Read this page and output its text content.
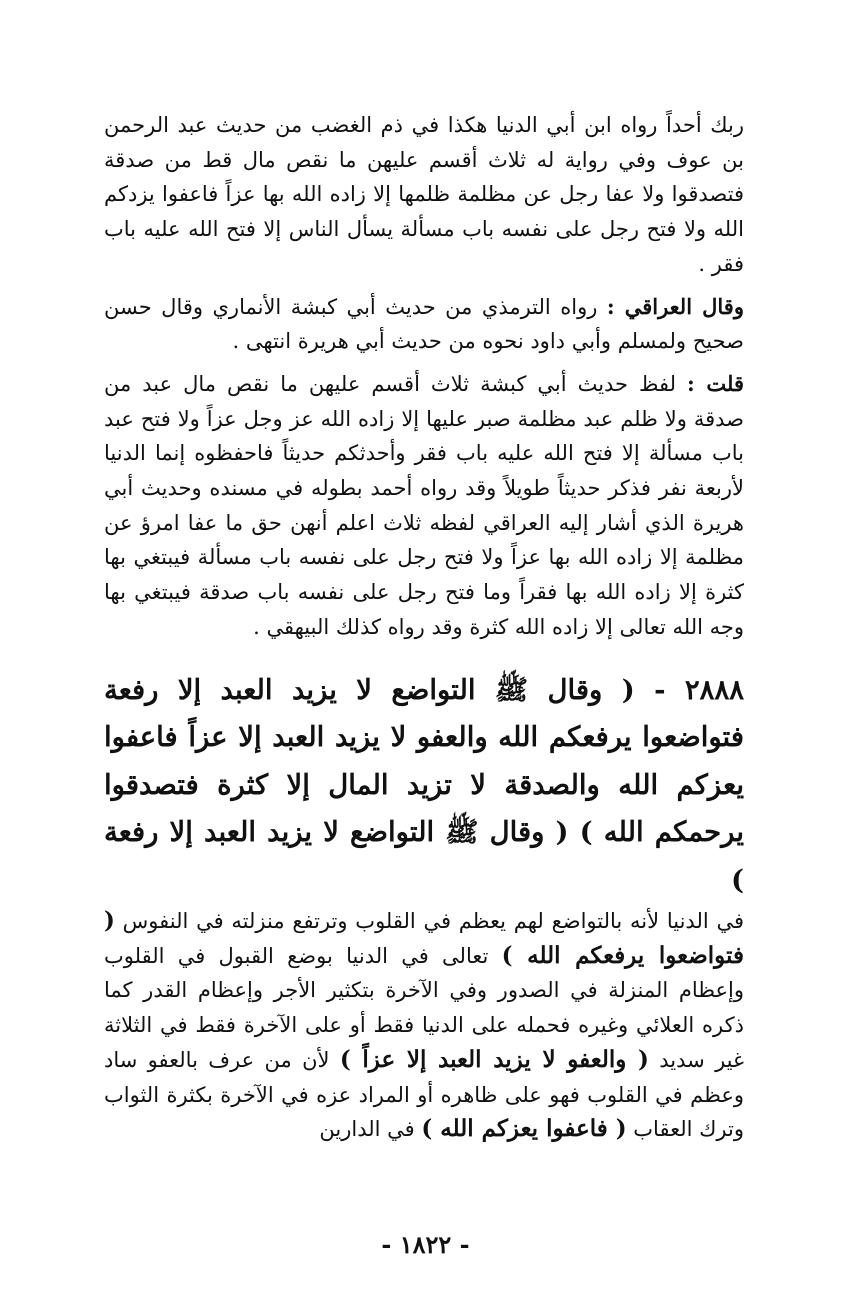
ربك أحداً رواه ابن أبي الدنيا هكذا في ذم الغضب من حديث عبد الرحمن بن عوف وفي رواية له ثلاث أقسم عليهن ما نقص مال قط من صدقة فتصدقوا ولا عفا رجل عن مظلمة ظلمها إلا زاده الله بها عزاً فاعفوا يزدكم الله ولا فتح رجل على نفسه باب مسألة يسأل الناس إلا فتح الله عليه باب فقر .

وقال العراقي : رواه الترمذي من حديث أبي كبشة الأنماري وقال حسن صحيح ولمسلم وأبي داود نحوه من حديث أبي هريرة انتهى .

قلت : لفظ حديث أبي كبشة ثلاث أقسم عليهن ما نقص مال عبد من صدقة ولا ظلم عبد مظلمة صبر عليها إلا زاده الله عز وجل عزاً ولا فتح عبد باب مسألة إلا فتح الله عليه باب فقر وأحدثكم حديثاً فاحفظوه إنما الدنيا لأربعة نفر فذكر حديثاً طويلاً وقد رواه أحمد بطوله في مسنده وحديث أبي هريرة الذي أشار إليه العراقي لفظه ثلاث اعلم أنهن حق ما عفا امرؤ عن مظلمة إلا زاده الله بها عزاً ولا فتح رجل على نفسه باب مسألة فيبتغي بها كثرة إلا زاده الله بها فقراً وما فتح رجل على نفسه باب صدقة فيبتغي بها وجه الله تعالى إلا زاده الله كثرة وقد رواه كذلك البيهقي .

٢٨٨٨ - ( وقال ﷺ التواضع لا يزيد العبد إلا رفعة فتواضعوا يرفعكم الله والعفو لا يزيد العبد إلا عزاً فاعفوا يعزكم الله والصدقة لا تزيد المال إلا كثرة فتصدقوا يرحمكم الله ) ( وقال ﷺ التواضع لا يزيد العبد إلا رفعة )

في الدنيا لأنه بالتواضع لهم يعظم في القلوب وترتفع منزلته في النفوس ( فتواضعوا يرفعكم الله ) تعالى في الدنيا بوضع القبول في القلوب وإعظام المنزلة في الصدور وفي الآخرة بتكثير الأجر وإعظام القدر كما ذكره العلائي وغيره فحمله على الدنيا فقط أو على الآخرة فقط في الثلاثة غير سديد ( والعفو لا يزيد العبد إلا عزاً ) لأن من عرف بالعفو ساد وعظم في القلوب فهو على ظاهره أو المراد عزه في الآخرة بكثرة الثواب وترك العقاب ( فاعفوا يعزكم الله ) في الدارين

- ١٨٢٢ -
